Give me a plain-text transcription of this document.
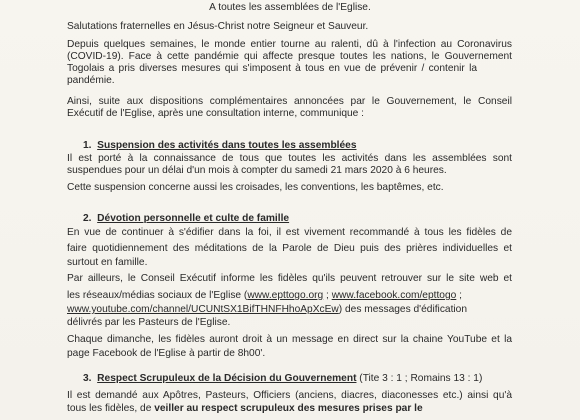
A toutes les assemblées de l'Eglise.
Salutations fraternelles en Jésus-Christ notre Seigneur et Sauveur.
Depuis quelques semaines, le monde entier tourne au ralenti, dû à l'infection au Coronavirus
(COVID-19). Face à cette pandémie qui affecte presque toutes les nations, le Gouvernement
Togolais a pris diverses mesures qui s'imposent à tous en vue de prévenir / contenir la
pandémie.
Ainsi, suite aux dispositions complémentaires annoncées par le Gouvernement, le Conseil
Exécutif de l'Eglise, après une consultation interne, communique :
1. Suspension des activités dans toutes les assemblées
Il est porté à la connaissance de tous que toutes les activités dans les assemblées sont
suspendues pour un délai d'un mois à compter du samedi 21 mars 2020 à 6 heures.
Cette suspension concerne aussi les croisades, les conventions, les baptêmes, etc.
2. Dévotion personnelle et culte de famille
En vue de continuer à s'édifier dans la foi, il est vivement recommandé à tous les fidèles de
faire quotidiennement des méditations de la Parole de Dieu puis des prières individuelles et
surtout en famille.
Par ailleurs, le Conseil Exécutif informe les fidèles qu'ils peuvent retrouver sur le site web et
les réseaux/médias sociaux de l'Eglise (www.epttogo.org ; www.facebook.com/epttogo ;
www.youtube.com/channel/UCUNtSX1BifTHNFHhoApXcEw) des messages d'édification
délivrés par les Pasteurs de l'Eglise.
Chaque dimanche, les fidèles auront droit à un message en direct sur la chaine YouTube et la
page Facebook de l'Eglise à partir de 8h00'.
3. Respect Scrupuleux de la Décision du Gouvernement (Tite 3 : 1 ; Romains 13 : 1)
Il est demandé aux Apôtres, Pasteurs, Officiers (anciens, diacres, diaconesses etc.) ainsi qu'à
tous les fidèles, de veiller au respect scrupuleux des mesures prises par le
